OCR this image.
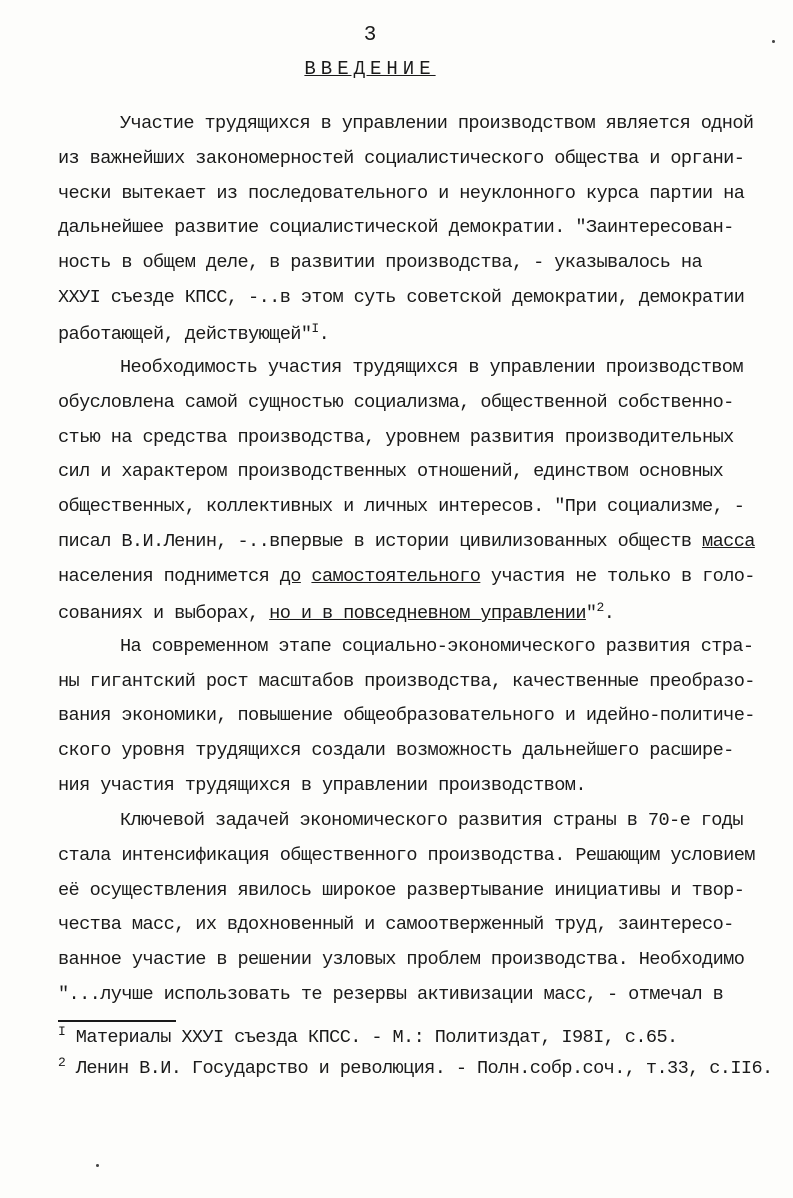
3
ВВЕДЕНИЕ
Участие трудящихся в управлении производством является одной
из важнейших закономерностей социалистического общества и органи-
чески вытекает из последовательного и неуклонного курса партии на
дальнейшее развитие социалистической демократии. "Заинтересован-
ность в общем деле, в развитии производства, - указывалось на
ХХУI съезде КПСС, -..в этом суть советской демократии, демократии
работающей, действующей"$^I$.
Необходимость участия трудящихся в управлении производством
обусловлена самой сущностью социализма, общественной собственно-
стью на средства производства, уровнем развития производительных
сил и характером производственных отношений, единством основных
общественных, коллективных и личных интересов. "При социализме, -
писал В.И.Ленин, -..впервые в истории цивилизованных обществ масса
населения поднимется до самостоятельного участия не только в голо-
сованиях и выборах, но и в повседневном управлении"$^2$.
На современном этапе социально-экономического развития стра-
ны гигантский рост масштабов производства, качественные преобразо-
вания экономики, повышение общеобразовательного и идейно-политиче-
ского уровня трудящихся создали возможность дальнейшего расшире-
ния участия трудящихся в управлении производством.
Ключевой задачей экономического развития страны в 70-е годы
стала интенсификация общественного производства. Решающим условием
её осуществления явилось широкое развертывание инициативы и твор-
чества масс, их вдохновенный и самоотверженный труд, заинтересо-
ванное участие в решении узловых проблем производства. Необходимо
"...лучше использовать те резервы активизации масс, - отмечал в
$^I$ Материалы ХХУI съезда КПСС. - М.: Политиздат, I98I, с.65.
$^2$ Ленин В.И. Государство и революция. - Полн.собр.соч., т.33, с.II6.
